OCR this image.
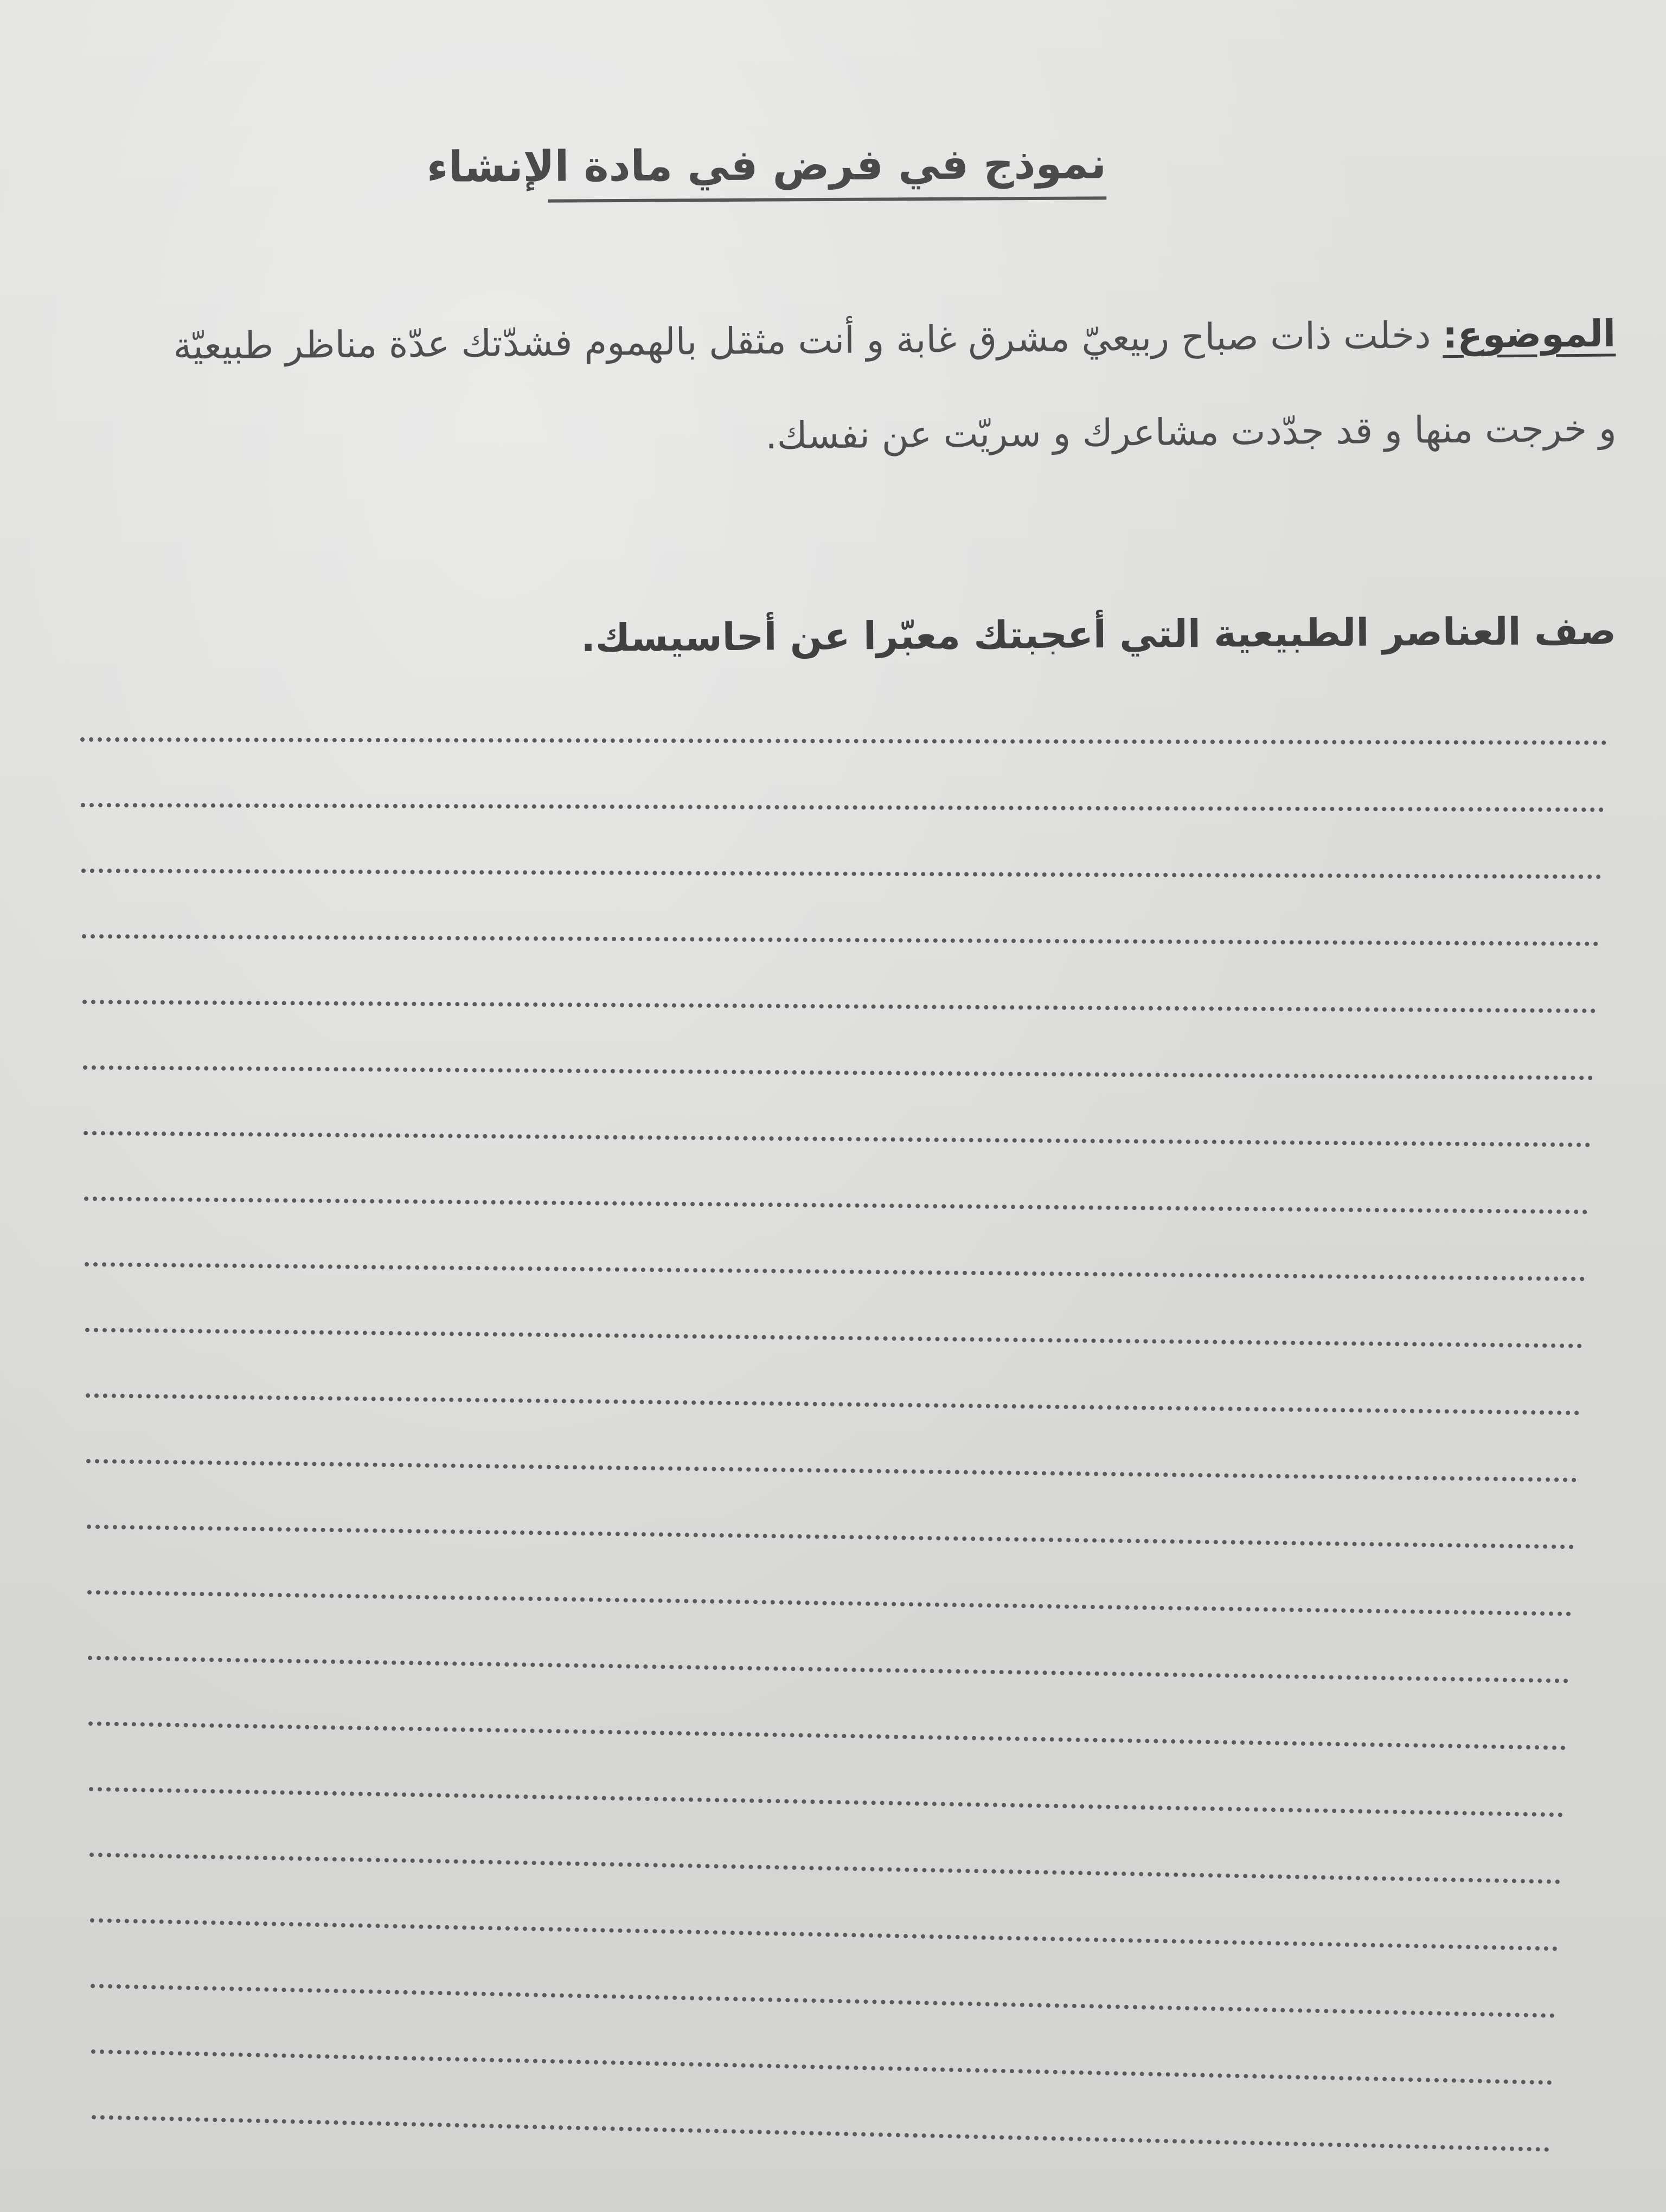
نموذج في فرض في مادة الإنشاء
الموضوع: دخلت ذات صباح ربيعيّ مشرق غابة و أنت مثقل بالهموم فشدّتك عدّة مناظر طبيعيّة و خرجت منها و قد جدّدت مشاعرك و سريّت عن نفسك.
صف العناصر الطبيعية التي أعجبتك معبّرا عن أحاسيسك.
